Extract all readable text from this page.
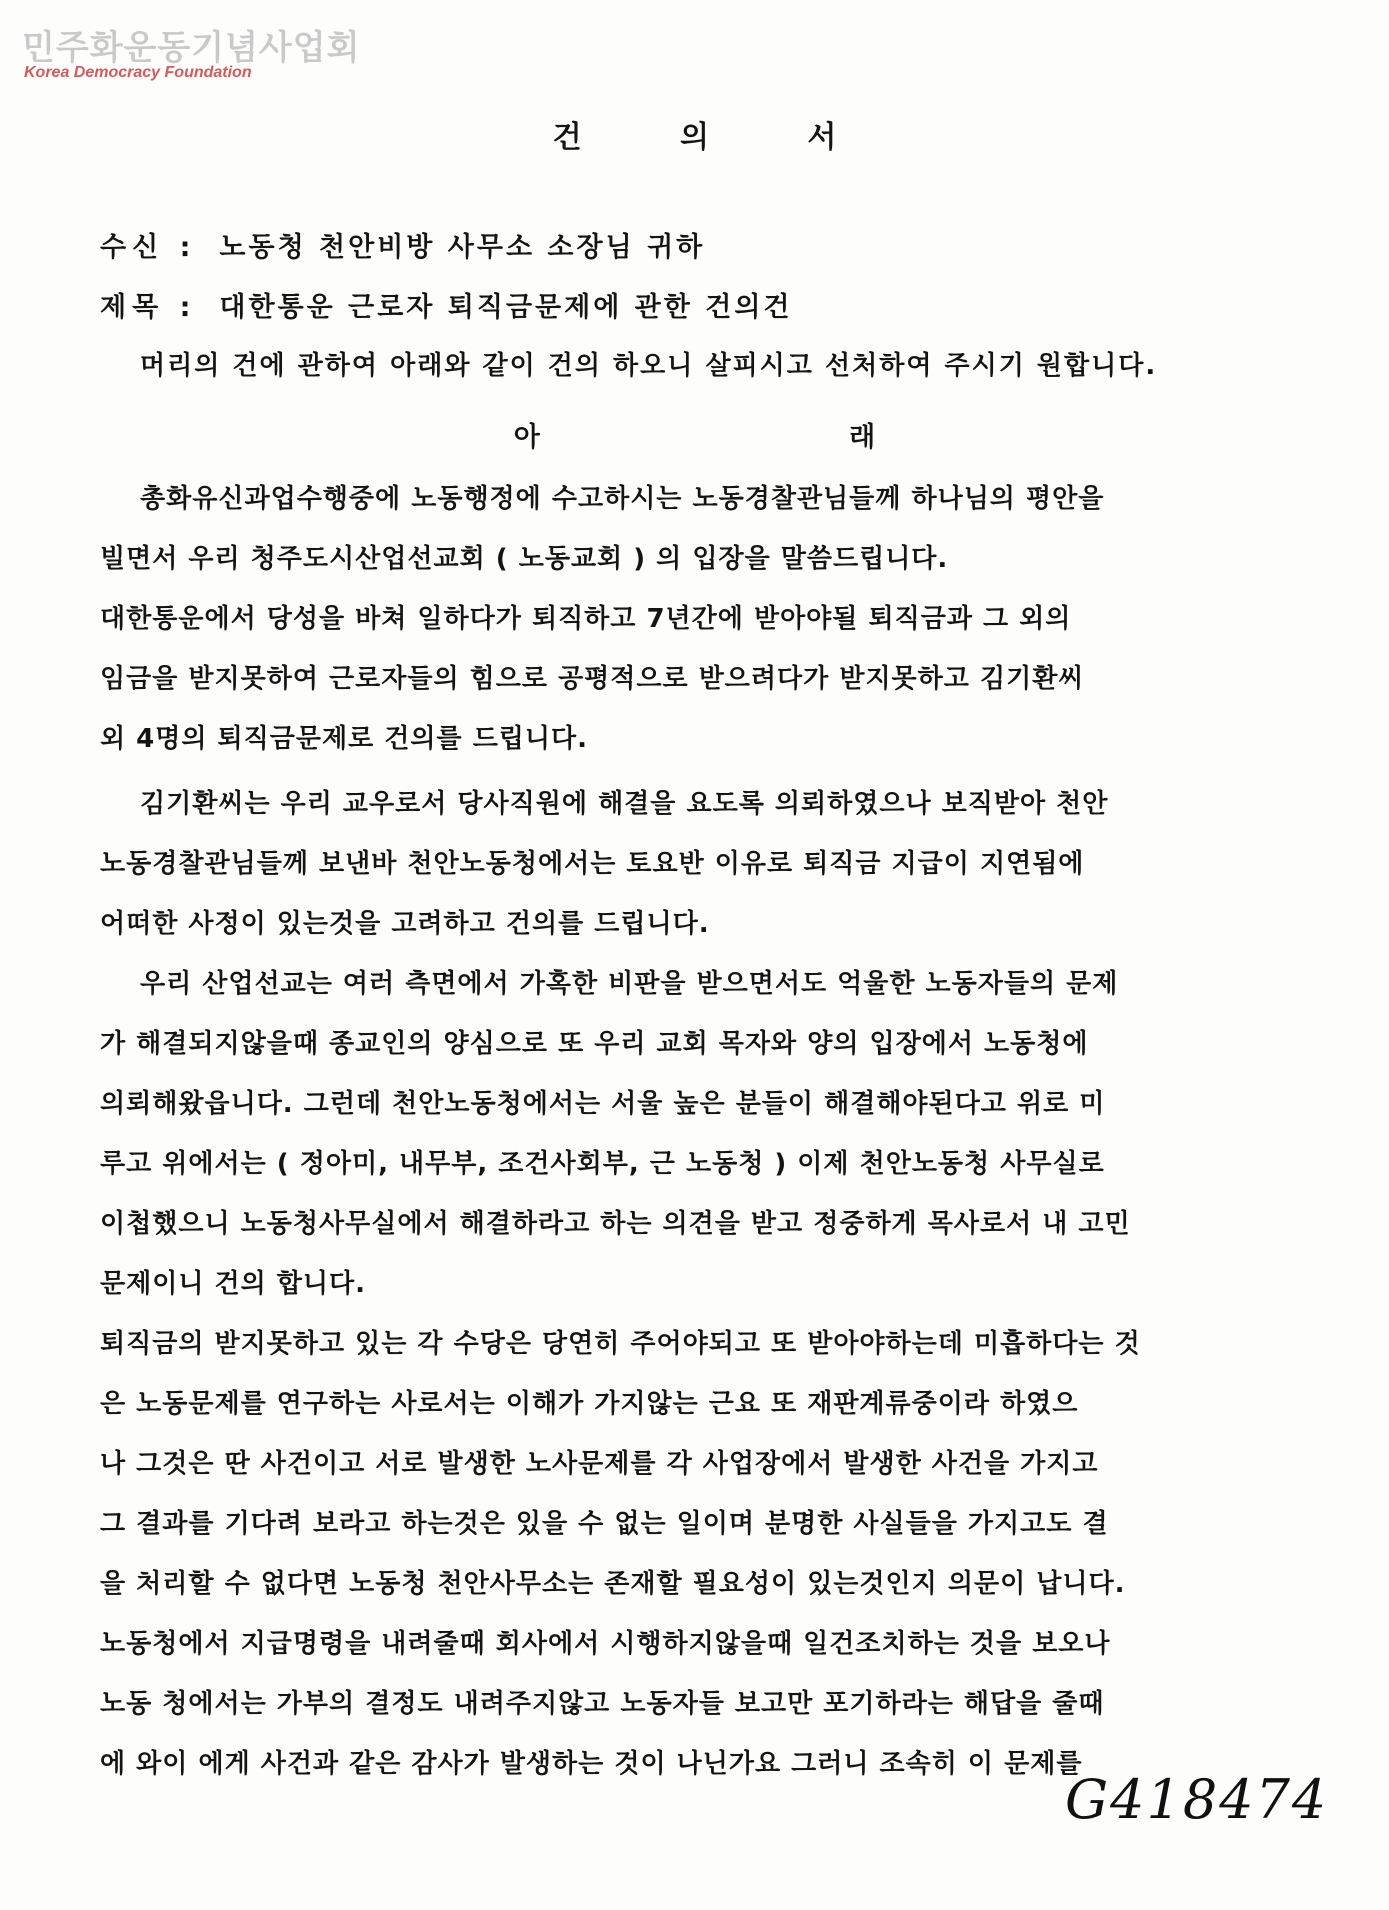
민주화운동기념사업회
Korea Democracy Foundation
건 의 서
수신 : 노동청 천안비방 사무소 소장님 귀하
제목 : 대한통운 근로자 퇴직금문제에 관한 건의건
머리의 건에 관하여 아래와 같이 건의 하오니 살피시고 선처하여 주시기 원합니다.
아 래
총화유신과업수행중에 노동행정에 수고하시는 노동경찰관님들께 하나님의 평안을
빌면서 우리 청주도시산업선교회 ( 노동교회 ) 의 입장을 말씀드립니다.
대한통운에서 당성을 바쳐 일하다가 퇴직하고 7년간에 받아야될 퇴직금과 그 외의
임금을 받지못하여 근로자들의 힘으로 공평적으로 받으려다가 받지못하고 김기환씨
외 4명의 퇴직금문제로 건의를 드립니다.
김기환씨는 우리 교우로서 당사직원에 해결을 요도록 의뢰하였으나 보직받아 천안
노동경찰관님들께 보낸바 천안노동청에서는 토요반 이유로 퇴직금 지급이 지연됨에
어떠한 사정이 있는것을 고려하고 건의를 드립니다.
우리 산업선교는 여러 측면에서 가혹한 비판을 받으면서도 억울한 노동자들의 문제
가 해결되지않을때 종교인의 양심으로 또 우리 교회 목자와 양의 입장에서 노동청에
의뢰해왔읍니다. 그런데 천안노동청에서는 서울 높은 분들이 해결해야된다고 위로 미
루고 위에서는 ( 정아미, 내무부, 조건사회부, 근 노동청 ) 이제 천안노동청 사무실로
이첩했으니 노동청사무실에서 해결하라고 하는 의견을 받고 정중하게 목사로서 내 고민
문제이니 건의 합니다.
퇴직금의 받지못하고 있는 각 수당은 당연히 주어야되고 또 받아야하는데 미흡하다는 것
은 노동문제를 연구하는 사로서는 이해가 가지않는 근요 또 재판계류중이라 하였으
나 그것은 딴 사건이고 서로 발생한 노사문제를 각 사업장에서 발생한 사건을 가지고
그 결과를 기다려 보라고 하는것은 있을 수 없는 일이며 분명한 사실들을 가지고도 결
을 처리할 수 없다면 노동청 천안사무소는 존재할 필요성이 있는것인지 의문이 납니다.
노동청에서 지급명령을 내려줄때 회사에서 시행하지않을때 일건조치하는 것을 보오나
노동 청에서는 가부의 결정도 내려주지않고 노동자들 보고만 포기하라는 해답을 줄때
에 와이 에게 사건과 같은 감사가 발생하는 것이 나닌가요 그러니 조속히 이 문제를
G418474
